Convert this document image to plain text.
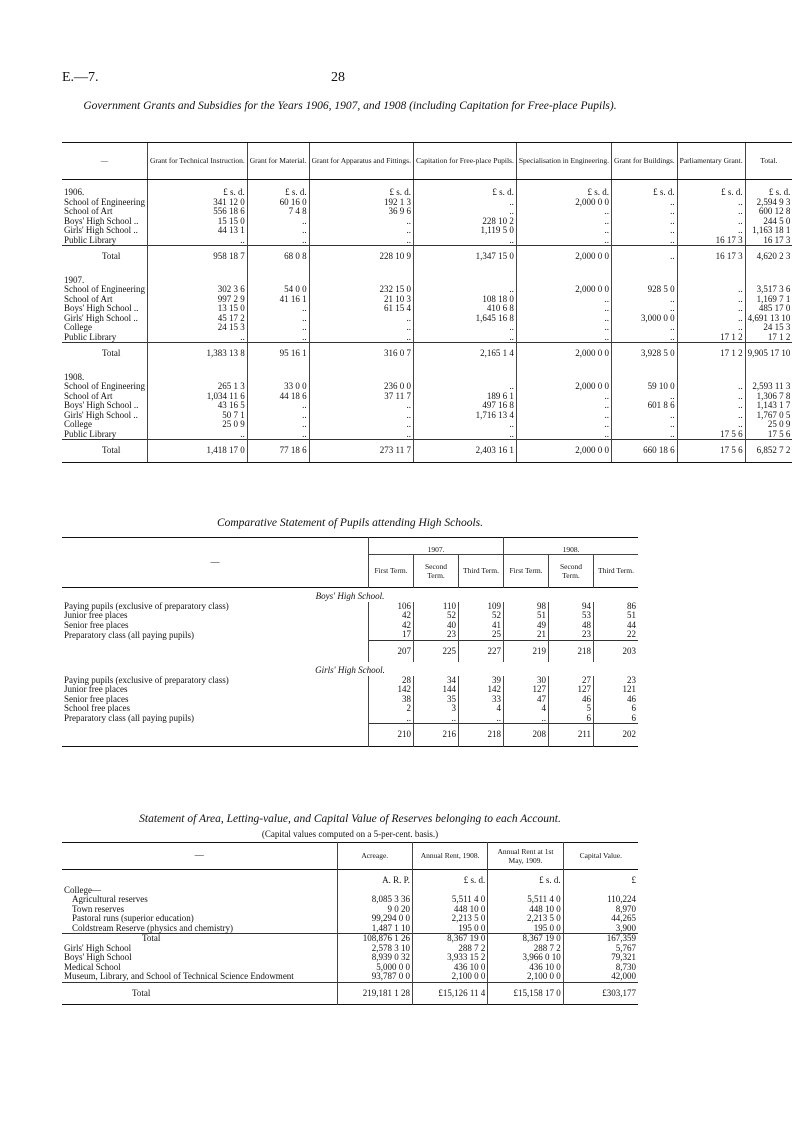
E.—7.	28
Government Grants and Subsidies for the Years 1906, 1907, and 1908 (including Capitation for Free-place Pupils).
—	Grant for Technical Instruction.	Grant for Material.	Grant for Apparatus and Fittings.	Capitation for Free-place Pupils.	Specialisation in Engineering.	Grant for Buildings.	Parliamentary Grant.	Total.
1906.	£ s. d.	£ s. d.	£ s. d.	£ s. d.	£ s. d.	£ s. d.	£ s. d.	£ s. d.
School of Engineering	341 12 0	60 16 0	192 1 3	..	2,000 0 0	..	..	2,594 9 3
School of Art	556 18 6	7 4 8	36 9 6	..	..	..	..	600 12 8
Boys' High School ..	15 15 0	..	..	228 10 2	..	..	..	244 5 0
Girls' High School ..	44 13 1	..	..	1,119 5 0	..	..	..	1,163 18 1
Public Library	..	..	..	..	..	..	16 17 3	16 17 3
Total	958 18 7	68 0 8	228 10 9	1,347 15 0	2,000 0 0	..	16 17 3	4,620 2 3
1907.								
School of Engineering	302 3 6	54 0 0	232 15 0	..	2,000 0 0	928 5 0	..	3,517 3 6
School of Art	997 2 9	41 16 1	21 10 3	108 18 0	..	..	..	1,169 7 1
Boys' High School ..	13 15 0	..	61 15 4	410 6 8	..	..	..	485 17 0
Girls' High School ..	45 17 2	..	..	1,645 16 8	..	3,000 0 0	..	4,691 13 10
College	24 15 3	..	..	..	..	..	..	24 15 3
Public Library	..	..	..	..	..	..	17 1 2	17 1 2
Total	1,383 13 8	95 16 1	316 0 7	2,165 1 4	2,000 0 0	3,928 5 0	17 1 2	9,905 17 10
1908.								
School of Engineering	265 1 3	33 0 0	236 0 0	..	2,000 0 0	59 10 0	..	2,593 11 3
School of Art	1,034 11 6	44 18 6	37 11 7	189 6 1	..	..	..	1,306 7 8
Boys' High School ..	43 16 5	..	..	497 16 8	..	601 8 6	..	1,143 1 7
Girls' High School ..	50 7 1	..	..	1,716 13 4	..	..	..	1,767 0 5
College	25 0 9	..	..	..	..	..	..	25 0 9
Public Library	..	..	..	..	..	..	17 5 6	17 5 6
Total	1,418 17 0	77 18 6	273 11 7	2,403 16 1	2,000 0 0	660 18 6	17 5 6	6,852 7 2
Comparative Statement of Pupils attending High Schools.
—	1907.			1908.		
	First Term.	Second Term.	Third Term.	First Term.	Second Term.	Third Term.
Boys' High School.						
Paying pupils (exclusive of preparatory class)	106	110	109	98	94	86
Junior free places	42	52	52	51	53	51
Senior free places	42	40	41	49	48	44
Preparatory class (all paying pupils)	17	23	25	21	23	22
	207	225	227	219	218	203
Girls' High School.						
Paying pupils (exclusive of preparatory class)	28	34	39	30	27	23
Junior free places	142	144	142	127	127	121
Senior free places	38	35	33	47	46	46
School free places	2	3	4	4	5	6
Preparatory class (all paying pupils)	..	..	..	..	6	6
	210	216	218	208	211	202
Statement of Area, Letting-value, and Capital Value of Reserves belonging to each Account.
(Capital values computed on a 5-per-cent. basis.)
—	Acreage.	Annual Rent, 1908.	Annual Rent at 1st May, 1909.	Capital Value.
	A. R. P.	£ s. d.	£ s. d.	£
College—				
Agricultural reserves	8,085 3 36	5,511 4 0	5,511 4 0	110,224
Town reserves	9 0 20	448 10 0	448 10 0	8,970
Pastoral runs (superior education)	99,294 0 0	2,213 5 0	2,213 5 0	44,265
Coldstream Reserve (physics and chemistry)	1,487 1 10	195 0 0	195 0 0	3,900
Total	108,876 1 26	8,367 19 0	8,367 19 0	167,359
Girls' High School	2,578 3 10	288 7 2	288 7 2	5,767
Boys' High School	8,939 0 32	3,933 15 2	3,966 0 10	79,321
Medical School	5,000 0 0	436 10 0	436 10 0	8,730
Museum, Library, and School of Technical Science Endowment	93,787 0 0	2,100 0 0	2,100 0 0	42,000
Total	219,181 1 28	£15,126 11 4	£15,158 17 0	£303,177
